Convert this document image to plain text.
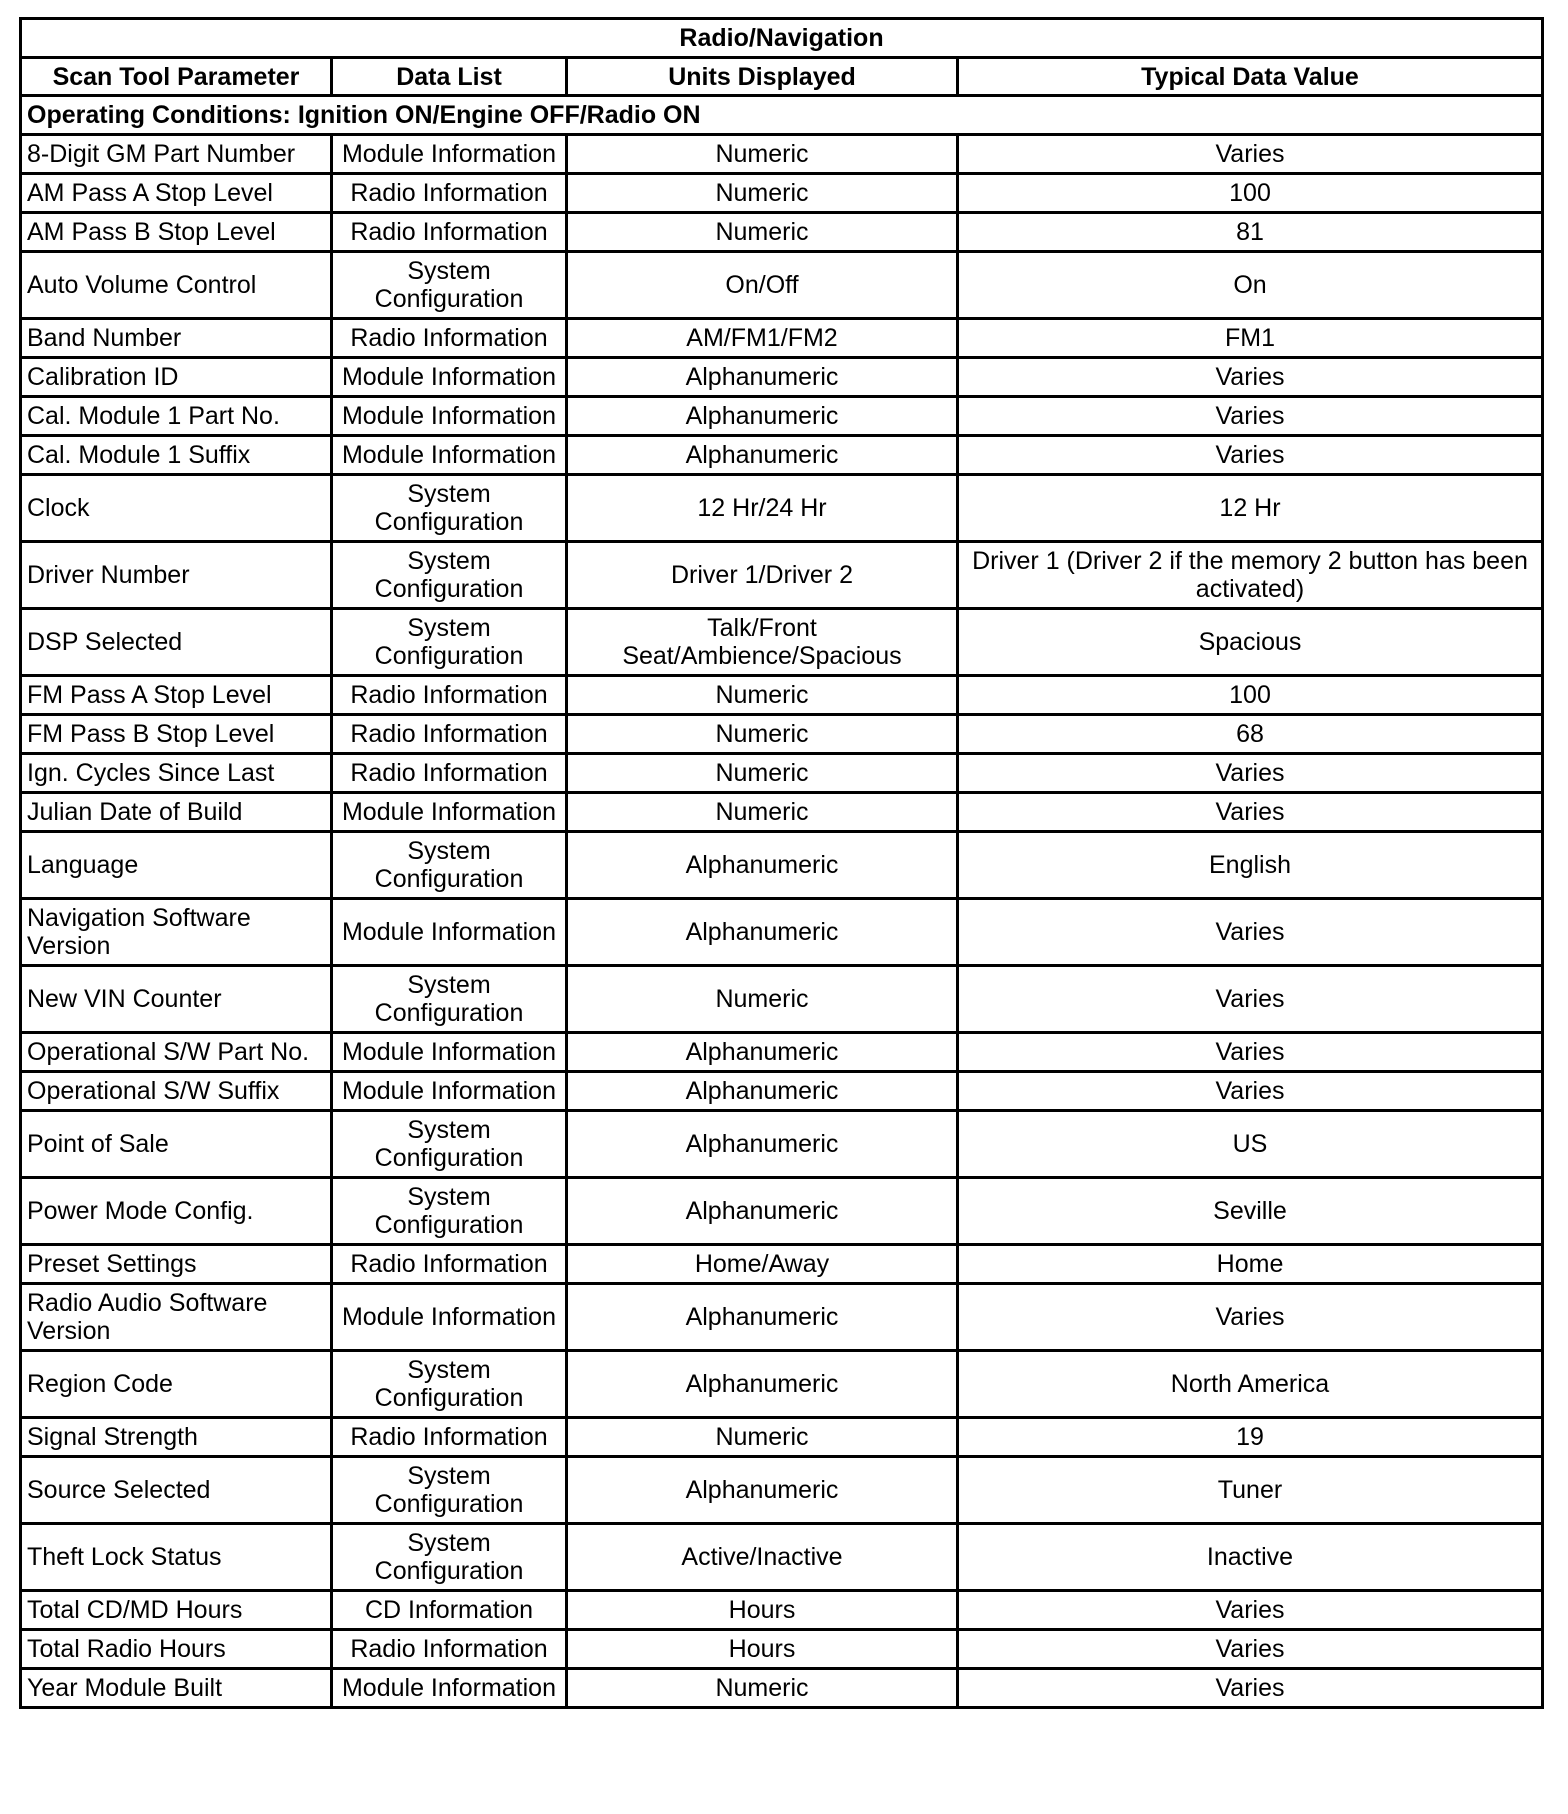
Radio/Navigation			
Scan Tool Parameter	Data List	Units Displayed	Typical Data Value
Operating Conditions: Ignition ON/Engine OFF/Radio ON			
8-Digit GM Part Number	Module Information	Numeric	Varies
AM Pass A Stop Level	Radio Information	Numeric	100
AM Pass B Stop Level	Radio Information	Numeric	81
Auto Volume Control	System Configuration	On/Off	On
Band Number	Radio Information	AM/FM1/FM2	FM1
Calibration ID	Module Information	Alphanumeric	Varies
Cal. Module 1 Part No.	Module Information	Alphanumeric	Varies
Cal. Module 1 Suffix	Module Information	Alphanumeric	Varies
Clock	System Configuration	12 Hr/24 Hr	12 Hr
Driver Number	System Configuration	Driver 1/Driver 2	Driver 1 (Driver 2 if the memory 2 button has been activated)
DSP Selected	System Configuration	Talk/Front Seat/Ambience/Spacious	Spacious
FM Pass A Stop Level	Radio Information	Numeric	100
FM Pass B Stop Level	Radio Information	Numeric	68
Ign. Cycles Since Last	Radio Information	Numeric	Varies
Julian Date of Build	Module Information	Numeric	Varies
Language	System Configuration	Alphanumeric	English
Navigation Software Version	Module Information	Alphanumeric	Varies
New VIN Counter	System Configuration	Numeric	Varies
Operational S/W Part No.	Module Information	Alphanumeric	Varies
Operational S/W Suffix	Module Information	Alphanumeric	Varies
Point of Sale	System Configuration	Alphanumeric	US
Power Mode Config.	System Configuration	Alphanumeric	Seville
Preset Settings	Radio Information	Home/Away	Home
Radio Audio Software Version	Module Information	Alphanumeric	Varies
Region Code	System Configuration	Alphanumeric	North America
Signal Strength	Radio Information	Numeric	19
Source Selected	System Configuration	Alphanumeric	Tuner
Theft Lock Status	System Configuration	Active/Inactive	Inactive
Total CD/MD Hours	CD Information	Hours	Varies
Total Radio Hours	Radio Information	Hours	Varies
Year Module Built	Module Information	Numeric	Varies
